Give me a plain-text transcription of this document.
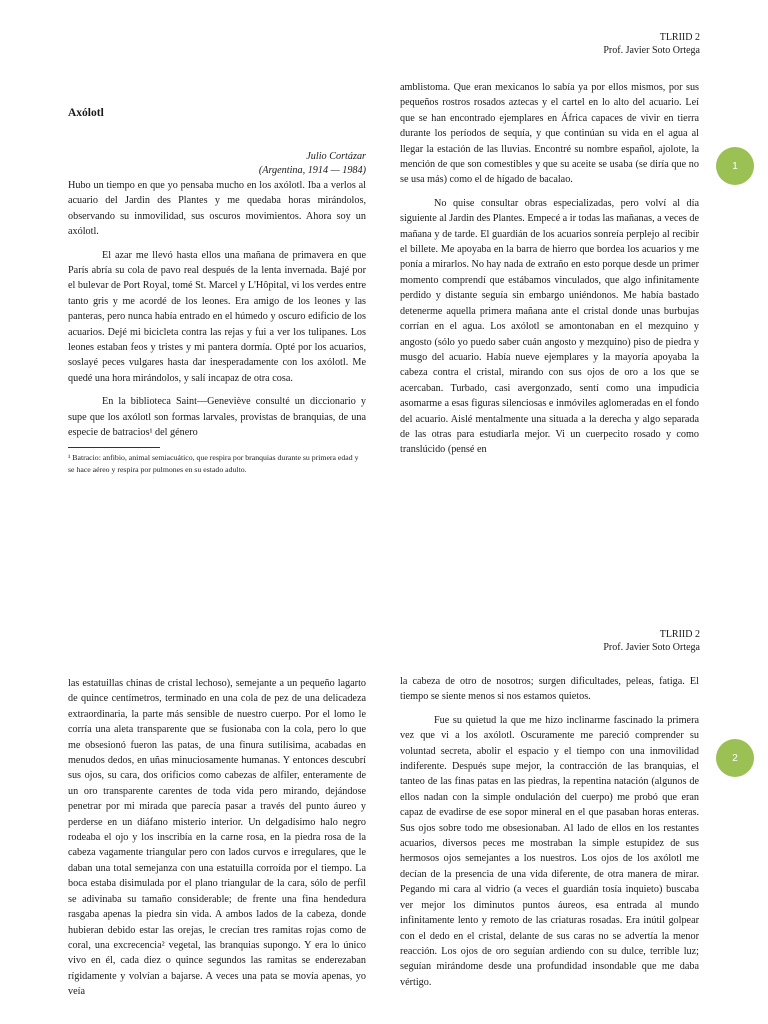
TLRIID 2
Prof. Javier Soto Ortega
Axólotl
Julio Cortázar
(Argentina, 1914 — 1984)

Hubo un tiempo en que yo pensaba mucho en los axólotl. Iba a verlos al acuario del Jardin des Plantes y me quedaba horas mirándolos, observando su inmovilidad, sus oscuros movimientos. Ahora soy un axólotl.

El azar me llevó hasta ellos una mañana de primavera en que París abría su cola de pavo real después de la lenta invernada. Bajé por el bulevar de Port Royal, tomé St. Marcel y L'Hôpital, vi los verdes entre tanto gris y me acordé de los leones. Era amigo de los leones y las panteras, pero nunca había entrado en el húmedo y oscuro edificio de los acuarios. Dejé mi bicicleta contra las rejas y fui a ver los tulipanes. Los leones estaban feos y tristes y mi pantera dormía. Opté por los acuarios, soslayé peces vulgares hasta dar inesperadamente con los axólotl. Me quedé una hora mirándolos, y salí incapaz de otra cosa.

En la biblioteca Saint—Geneviève consulté un diccionario y supe que los axólotl son formas larvales, provistas de branquias, de una especie de batracios¹ del género

¹ Batracio: anfibio, animal semiacuático, que respira por branquias durante su primera edad y se hace aéreo y respira por pulmones en su estado adulto.

amblistoma. Que eran mexicanos lo sabía ya por ellos mismos, por sus pequeños rostros rosados aztecas y el cartel en lo alto del acuario. Leí que se han encontrado ejemplares en África capaces de vivir en tierra durante los períodos de sequía, y que continúan su vida en el agua al llegar la estación de las lluvias. Encontré su nombre español, ajolote, la mención de que son comestibles y que su aceite se usaba (se diría que no se usa más) como el de hígado de bacalao.

No quise consultar obras especializadas, pero volví al día siguiente al Jardin des Plantes. Empecé a ir todas las mañanas, a veces de mañana y de tarde. El guardián de los acuarios sonreía perplejo al recibir el billete. Me apoyaba en la barra de hierro que bordea los acuarios y me ponía a mirarlos. No hay nada de extraño en esto porque desde un primer momento comprendí que estábamos vinculados, que algo infinitamente perdido y distante seguía sin embargo uniéndonos. Me había bastado detenerme aquella primera mañana ante el cristal donde unas burbujas corrían en el agua. Los axólotl se amontonaban en el mezquino y angosto (sólo yo puedo saber cuán angosto y mezquino) piso de piedra y musgo del acuario. Había nueve ejemplares y la mayoría apoyaba la cabeza contra el cristal, mirando con sus ojos de oro a los que se acercaban. Turbado, casi avergonzado, sentí como una impudicia asomarme a esas figuras silenciosas e inmóviles aglomeradas en el fondo del acuario. Aislé mentalmente una situada a la derecha y algo separada de las otras para estudiarla mejor. Vi un cuerpecito rosado y como translúcido (pensé en

1
TLRIID 2
Prof. Javier Soto Ortega

las estatuillas chinas de cristal lechoso), semejante a un pequeño lagarto de quince centímetros, terminado en una cola de pez de una delicadeza extraordinaria, la parte más sensible de nuestro cuerpo. Por el lomo le corría una aleta transparente que se fusionaba con la cola, pero lo que me obsesionó fueron las patas, de una finura sutilísima, acabadas en menudos dedos, en uñas minuciosamente humanas. Y entonces descubrí sus ojos, su cara, dos orificios como cabezas de alfiler, enteramente de un oro transparente carentes de toda vida pero mirando, dejándose penetrar por mi mirada que parecía pasar a través del punto áureo y perderse en un diáfano misterio interior. Un delgadísimo halo negro rodeaba el ojo y los inscribía en la carne rosa, en la piedra rosa de la cabeza vagamente triangular pero con lados curvos e irregulares, que le daban una total semejanza con una estatuilla corroída por el tiempo. La boca estaba disimulada por el plano triangular de la cara, sólo de perfil se adivinaba su tamaño considerable; de frente una fina hendedura rasgaba apenas la piedra sin vida. A ambos lados de la cabeza, donde hubieran debido estar las orejas, le crecían tres ramitas rojas como de coral, una excrecencia² vegetal, las branquias supongo. Y era lo único vivo en él, cada diez o quince segundos las ramitas se enderezaban rígidamente y volvían a bajarse. A veces una pata se movía apenas, yo veía

la cabeza de otro de nosotros; surgen dificultades, peleas, fatiga. El tiempo se siente menos si nos estamos quietos.

Fue su quietud la que me hizo inclinarme fascinado la primera vez que vi a los axólotl. Oscuramente me pareció comprender su voluntad secreta, abolir el espacio y el tiempo con una inmovilidad indiferente. Después supe mejor, la contracción de las branquias, el tanteo de las finas patas en las piedras, la repentina natación (algunos de ellos nadan con la simple ondulación del cuerpo) me probó que eran capaz de evadirse de ese sopor mineral en el que pasaban horas enteras. Sus ojos sobre todo me obsesionaban. Al lado de ellos en los restantes acuarios, diversos peces me mostraban la simple estupidez de sus hermosos ojos semejantes a los nuestros. Los ojos de los axólotl me decían de la presencia de una vida diferente, de otra manera de mirar. Pegando mi cara al vidrio (a veces el guardián tosía inquieto) buscaba ver mejor los diminutos puntos áureos, esa entrada al mundo infinitamente lento y remoto de las criaturas rosadas. Era inútil golpear con el dedo en el cristal, delante de sus caras no se advertía la menor reacción. Los ojos de oro seguían ardiendo con su dulce, terrible luz; seguían mirándome desde una profundidad insondable que me daba vértigo.

2
